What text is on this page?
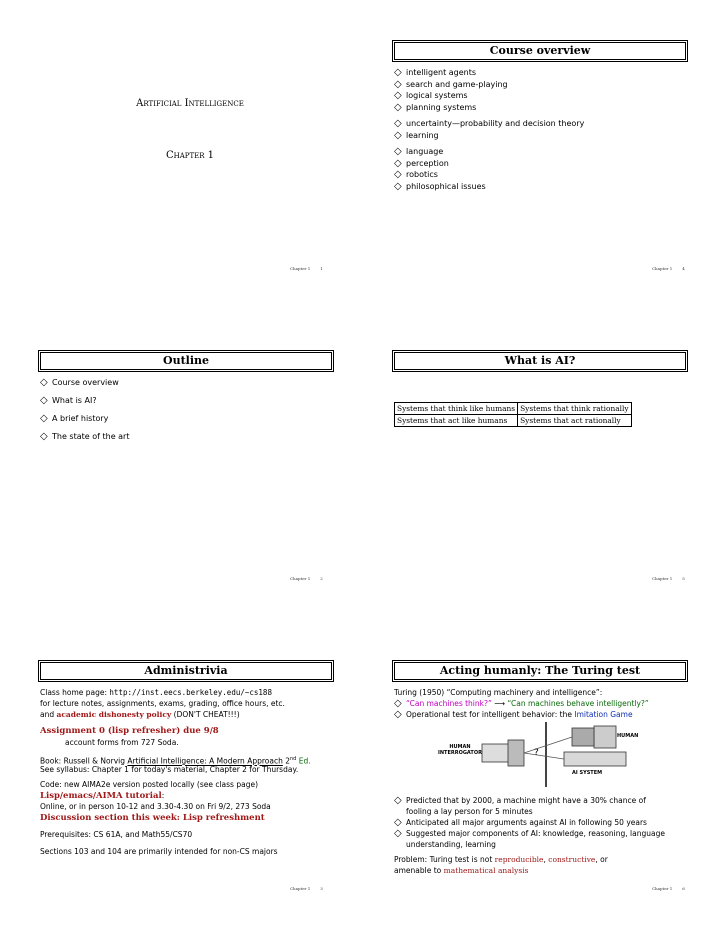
Artificial Intelligence
Chapter 1
Chapter 1	1
Outline
◇ Course overview
◇ What is AI?
◇ A brief history
◇ The state of the art
Chapter 1	2
Administrivia
Class home page: http://inst.eecs.berkeley.edu/~cs188
for lecture notes, assignments, exams, grading, office hours, etc.
and academic dishonesty policy (DON'T CHEAT!!!)
Assignment 0 (lisp refresher) due 9/8
account forms from 727 Soda.
Book: Russell & Norvig Artificial Intelligence: A Modern Approach 2nd Ed.
See syllabus: Chapter 1 for today's material, Chapter 2 for Thursday.
Code: new AIMA2e version posted locally (see class page)
Lisp/emacs/AIMA tutorial:
Online, or in person 10-12 and 3.30-4.30 on Fri 9/2, 273 Soda
Discussion section this week: Lisp refreshment
Prerequisites: CS 61A, and Math55/CS70
Sections 103 and 104 are primarily intended for non-CS majors
Chapter 1	3
Course overview
◇ intelligent agents
◇ search and game-playing
◇ logical systems
◇ planning systems
◇ uncertainty—probability and decision theory
◇ learning
◇ language
◇ perception
◇ robotics
◇ philosophical issues
Chapter 1	4
What is AI?
Systems that think like humans	Systems that think rationally
Systems that act like humans	Systems that act rationally
Chapter 1	5
Acting humanly: The Turing test
Turing (1950) “Computing machinery and intelligence”:
◇ “Can machines think?” ⟶ “Can machines behave intelligently?”
◇ Operational test for intelligent behavior: the Imitation Game
HUMAN
HUMAN
INTERROGATOR	?
AI SYSTEM
◇ Predicted that by 2000, a machine might have a 30% chance of
fooling a lay person for 5 minutes
◇ Anticipated all major arguments against AI in following 50 years
◇ Suggested major components of AI: knowledge, reasoning, language
understanding, learning
Problem: Turing test is not reproducible, constructive, or
amenable to mathematical analysis
Chapter 1	6
